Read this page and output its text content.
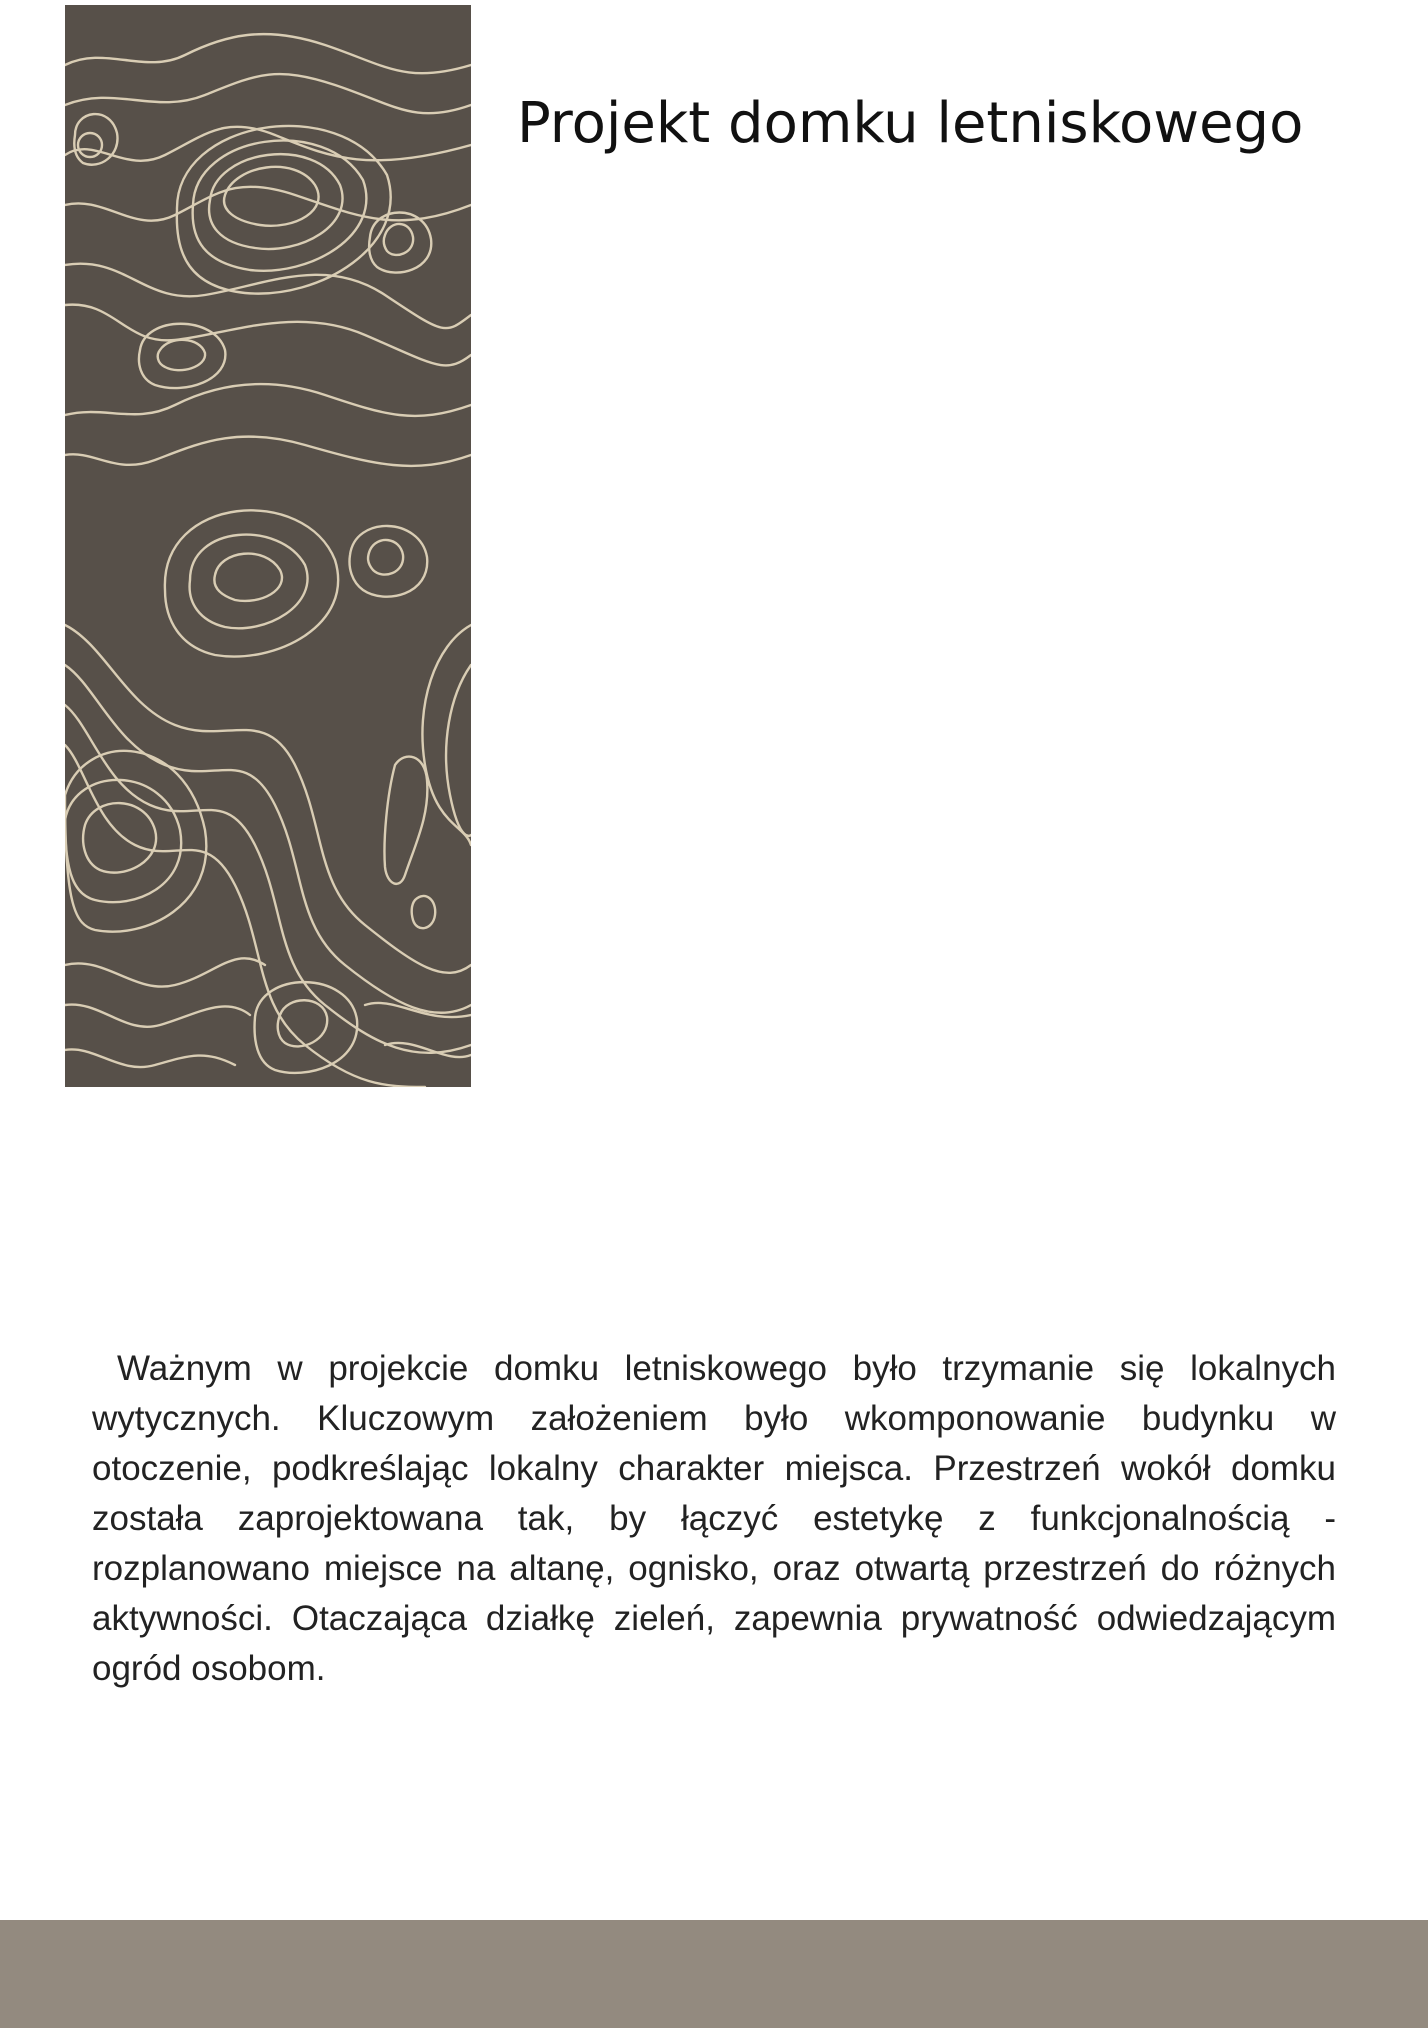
Projekt domku letniskowego

Ważnym w projekcie domku letniskowego było trzymanie się lokalnych wytycznych. Kluczowym założeniem było wkomponowanie budynku w otoczenie, podkreślając lokalny charakter miejsca. Przestrzeń wokół domku została zaprojektowana tak, by łączyć estetykę z funkcjonalnością - rozplanowano miejsce na altanę, ognisko, oraz otwartą przestrzeń do różnych aktywności. Otaczająca działkę zieleń, zapewnia prywatność odwiedzającym ogród osobom.
